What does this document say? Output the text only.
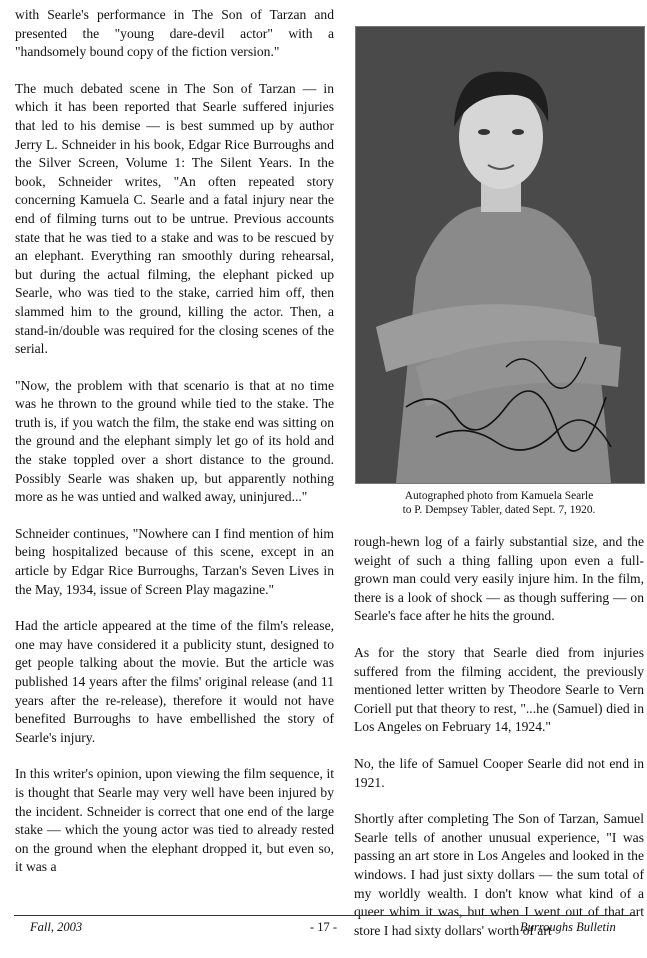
with Searle's performance in The Son of Tarzan and presented the "young dare-devil actor" with a "handsomely bound copy of the fiction version."

The much debated scene in The Son of Tarzan — in which it has been reported that Searle suffered injuries that led to his demise — is best summed up by author Jerry L. Schneider in his book, Edgar Rice Burroughs and the Silver Screen, Volume 1: The Silent Years. In the book, Schneider writes, "An often repeated story concerning Kamuela C. Searle and a fatal injury near the end of filming turns out to be untrue. Previous accounts state that he was tied to a stake and was to be rescued by an elephant. Everything ran smoothly during rehearsal, but during the actual filming, the elephant picked up Searle, who was tied to the stake, carried him off, then slammed him to the ground, killing the actor. Then, a stand-in/double was required for the closing scenes of the serial.

"Now, the problem with that scenario is that at no time was he thrown to the ground while tied to the stake. The truth is, if you watch the film, the stake end was sitting on the ground and the elephant simply let go of its hold and the stake toppled over a short distance to the ground. Possibly Searle was shaken up, but apparently nothing more as he was untied and walked away, uninjured..."

Schneider continues, "Nowhere can I find mention of him being hospitalized because of this scene, except in an article by Edgar Rice Burroughs, Tarzan's Seven Lives in the May, 1934, issue of Screen Play magazine."

Had the article appeared at the time of the film's release, one may have considered it a publicity stunt, designed to get people talking about the movie. But the article was published 14 years after the films' original release (and 11 years after the re-release), therefore it would not have benefited Burroughs to have embellished the story of Searle's injury.

In this writer's opinion, upon viewing the film sequence, it is thought that Searle may very well have been injured by the incident. Schneider is correct that one end of the large stake — which the young actor was tied to already rested on the ground when the elephant dropped it, but even so, it was a

Autographed photo from Kamuela Searle
to P. Dempsey Tabler, dated Sept. 7, 1920.

rough-hewn log of a fairly substantial size, and the weight of such a thing falling upon even a full-grown man could very easily injure him. In the film, there is a look of shock — as though suffering — on Searle's face after he hits the ground.

As for the story that Searle died from injuries suffered from the filming accident, the previously mentioned letter written by Theodore Searle to Vern Coriell put that theory to rest, "...he (Samuel) died in Los Angeles on February 14, 1924."

No, the life of Samuel Cooper Searle did not end in 1921.

Shortly after completing The Son of Tarzan, Samuel Searle tells of another unusual experience, "I was passing an art store in Los Angeles and looked in the windows. I had just sixty dollars — the sum total of my worldly wealth. I don't know what kind of a queer whim it was, but when I went out of that art store I had sixty dollars' worth of art

Fall, 2003	- 17 -	Burroughs Bulletin
